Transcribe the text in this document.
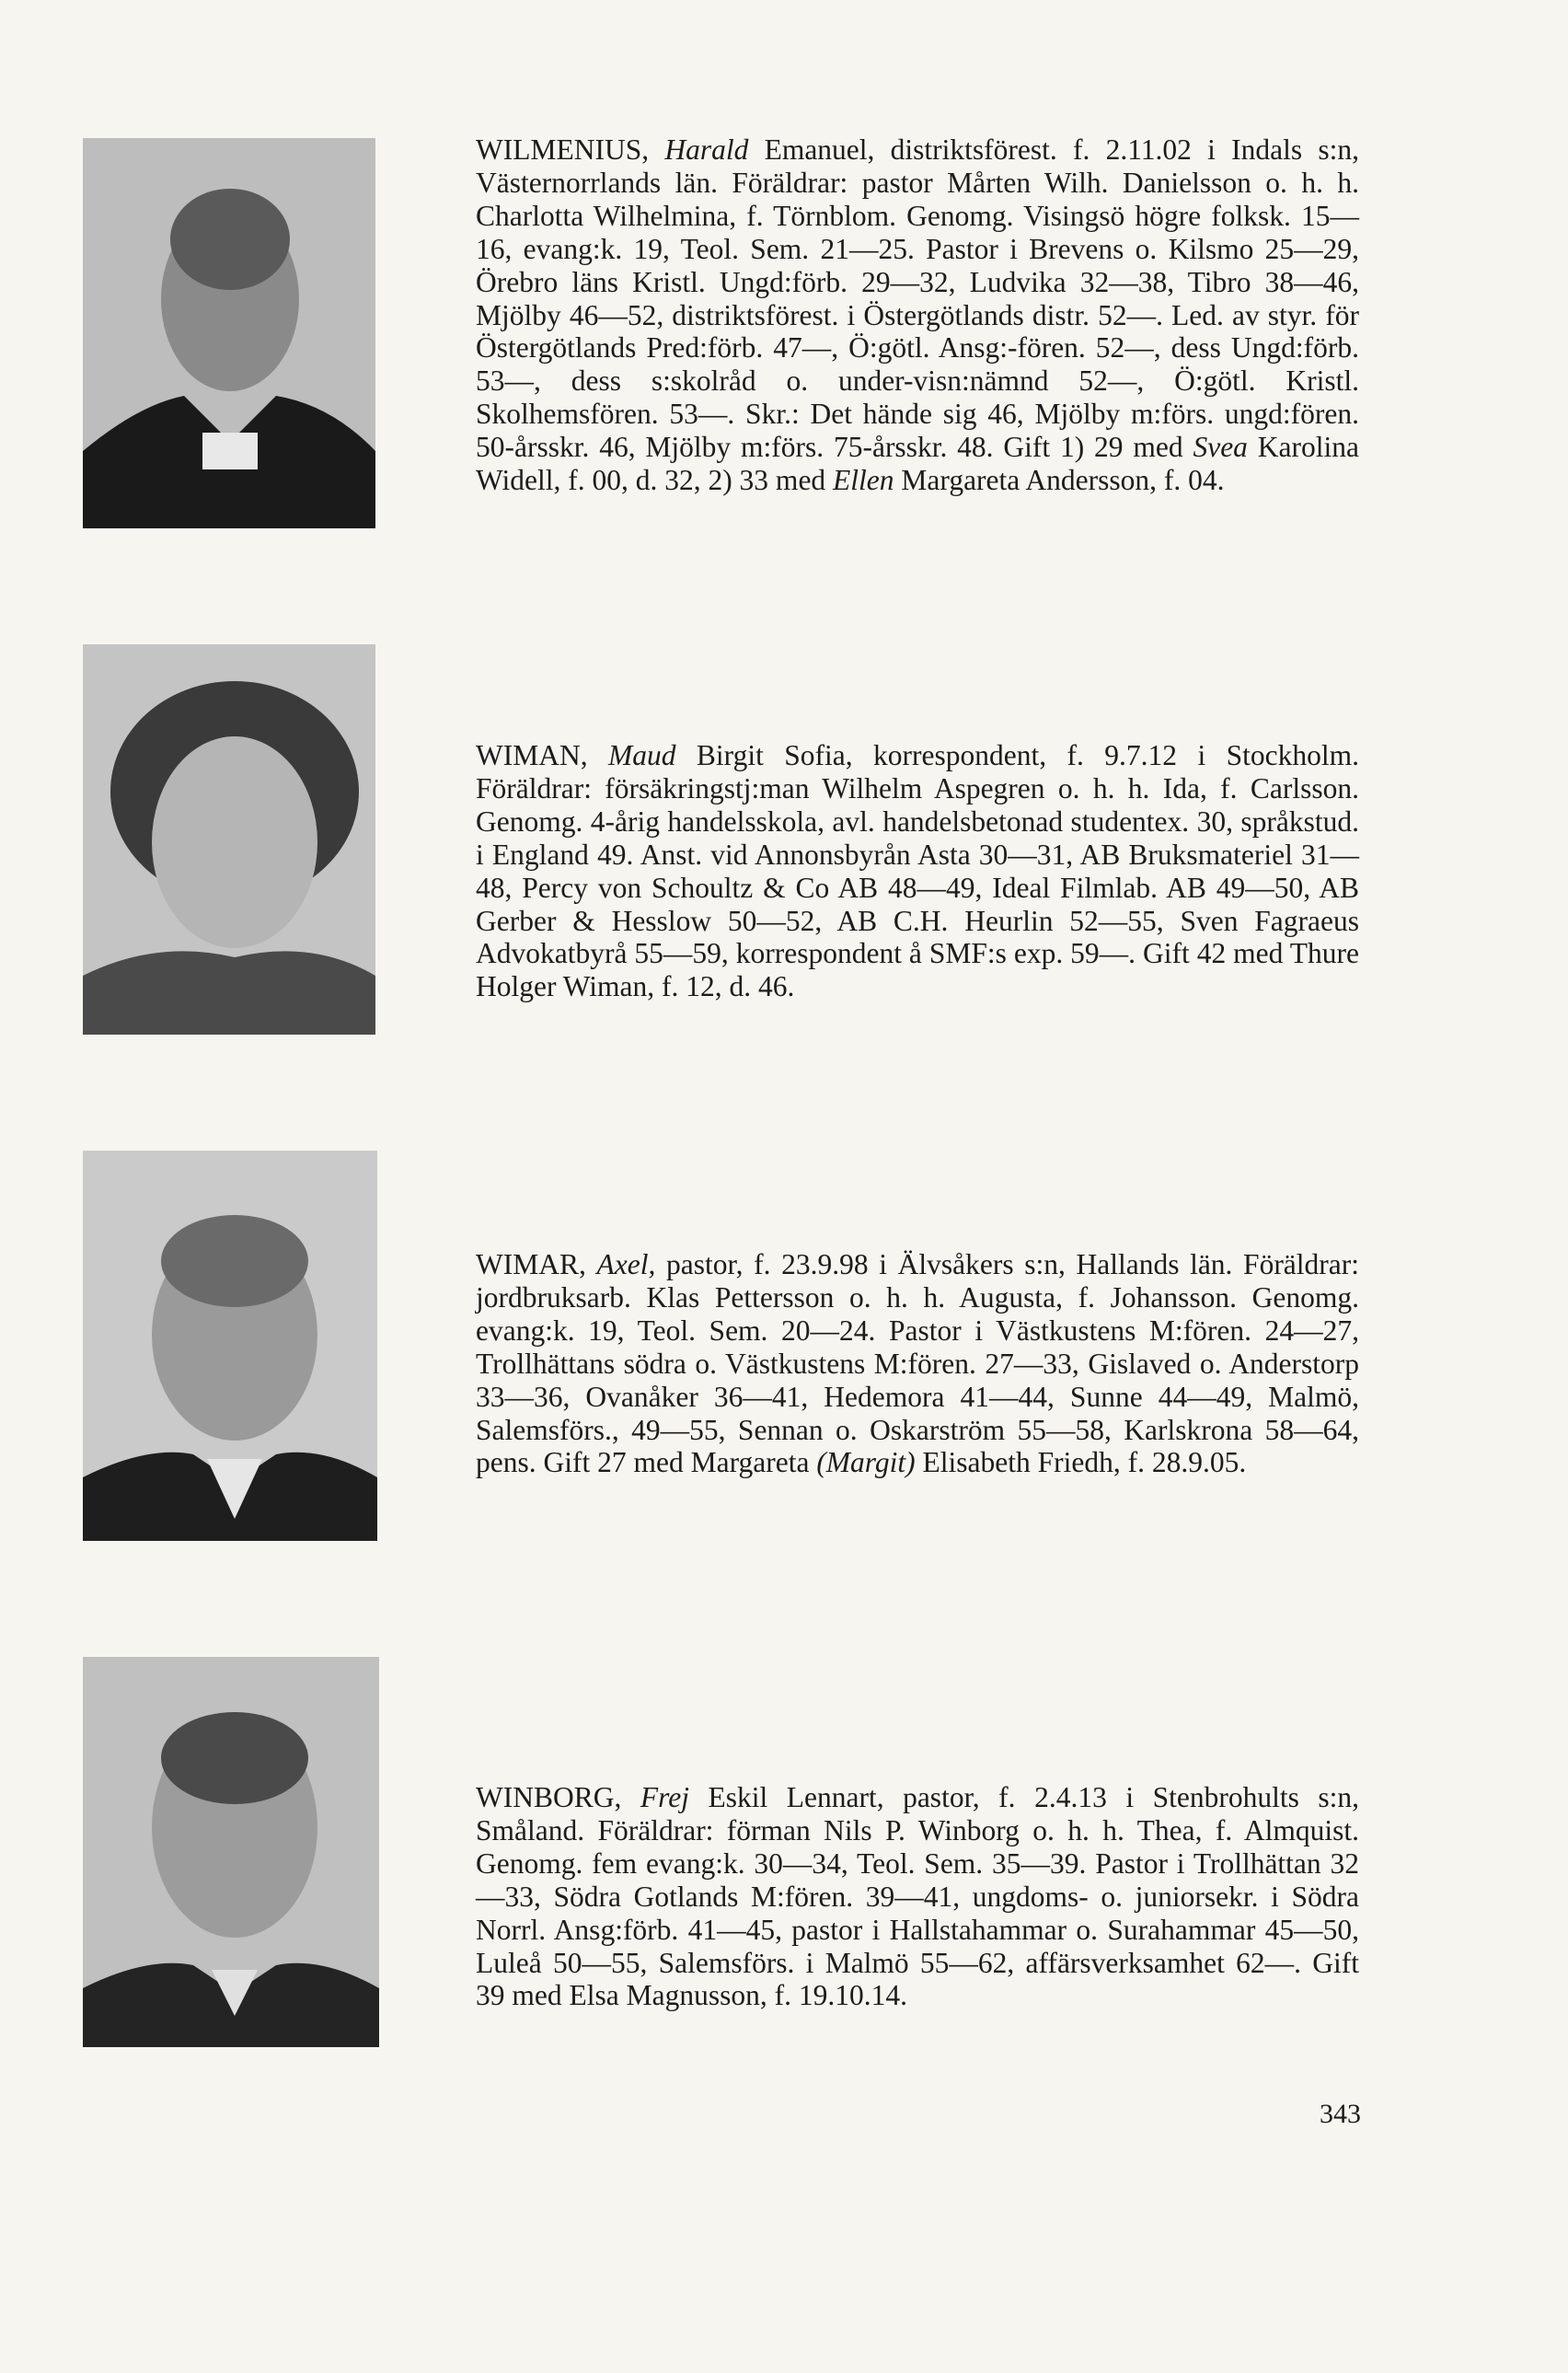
WILMENIUS, Harald Emanuel, distriktsförest. f. 2.11.02 i Indals s:n, Västernorrlands län. Föräldrar: pastor Mårten Wilh. Danielsson o. h. h. Charlotta Wilhelmina, f. Törnblom. Genomg. Visingsö högre folksk. 15—16, evang:k. 19, Teol. Sem. 21—25. Pastor i Brevens o. Kilsmo 25—29, Örebro läns Kristl. Ungd:förb. 29—32, Ludvika 32—38, Tibro 38—46, Mjölby 46—52, distriktsförest. i Östergötlands distr. 52—. Led. av styr. för Östergötlands Pred:förb. 47—, Ö:götl. Ansg:-fören. 52—, dess Ungd:förb. 53—, dess s:skolråd o. under-visn:nämnd 52—, Ö:götl. Kristl. Skolhemsfören. 53—. Skr.: Det hände sig 46, Mjölby m:förs. ungd:fören. 50-årsskr. 46, Mjölby m:förs. 75-årsskr. 48. Gift 1) 29 med Svea Karolina Widell, f. 00, d. 32, 2) 33 med Ellen Margareta Andersson, f. 04.

WIMAN, Maud Birgit Sofia, korrespondent, f. 9.7.12 i Stockholm. Föräldrar: försäkringstj:man Wilhelm Aspegren o. h. h. Ida, f. Carlsson. Genomg. 4-årig handelsskola, avl. handelsbetonad studentex. 30, språkstud. i England 49. Anst. vid Annonsbyrån Asta 30—31, AB Bruksmateriel 31—48, Percy von Schoultz & Co AB 48—49, Ideal Filmlab. AB 49—50, AB Gerber & Hesslow 50—52, AB C.H. Heurlin 52—55, Sven Fagraeus Advokatbyrå 55—59, korrespondent å SMF:s exp. 59—. Gift 42 med Thure Holger Wiman, f. 12, d. 46.

WIMAR, Axel, pastor, f. 23.9.98 i Älvsåkers s:n, Hallands län. Föräldrar: jordbruksarb. Klas Pettersson o. h. h. Augusta, f. Johansson. Genomg. evang:k. 19, Teol. Sem. 20—24. Pastor i Västkustens M:fören. 24—27, Trollhättans södra o. Västkustens M:fören. 27—33, Gislaved o. Anderstorp 33—36, Ovanåker 36—41, Hedemora 41—44, Sunne 44—49, Malmö, Salemsförs., 49—55, Sennan o. Oskarström 55—58, Karlskrona 58—64, pens. Gift 27 med Margareta (Margit) Elisabeth Friedh, f. 28.9.05.

WINBORG, Frej Eskil Lennart, pastor, f. 2.4.13 i Stenbrohults s:n, Småland. Föräldrar: förman Nils P. Winborg o. h. h. Thea, f. Almquist. Genomg. fem evang:k. 30—34, Teol. Sem. 35—39. Pastor i Trollhättan 32—33, Södra Gotlands M:fören. 39—41, ungdoms- o. juniorsekr. i Södra Norrl. Ansg:förb. 41—45, pastor i Hallstahammar o. Surahammar 45—50, Luleå 50—55, Salemsförs. i Malmö 55—62, affärsverksamhet 62—. Gift 39 med Elsa Magnusson, f. 19.10.14.

343
